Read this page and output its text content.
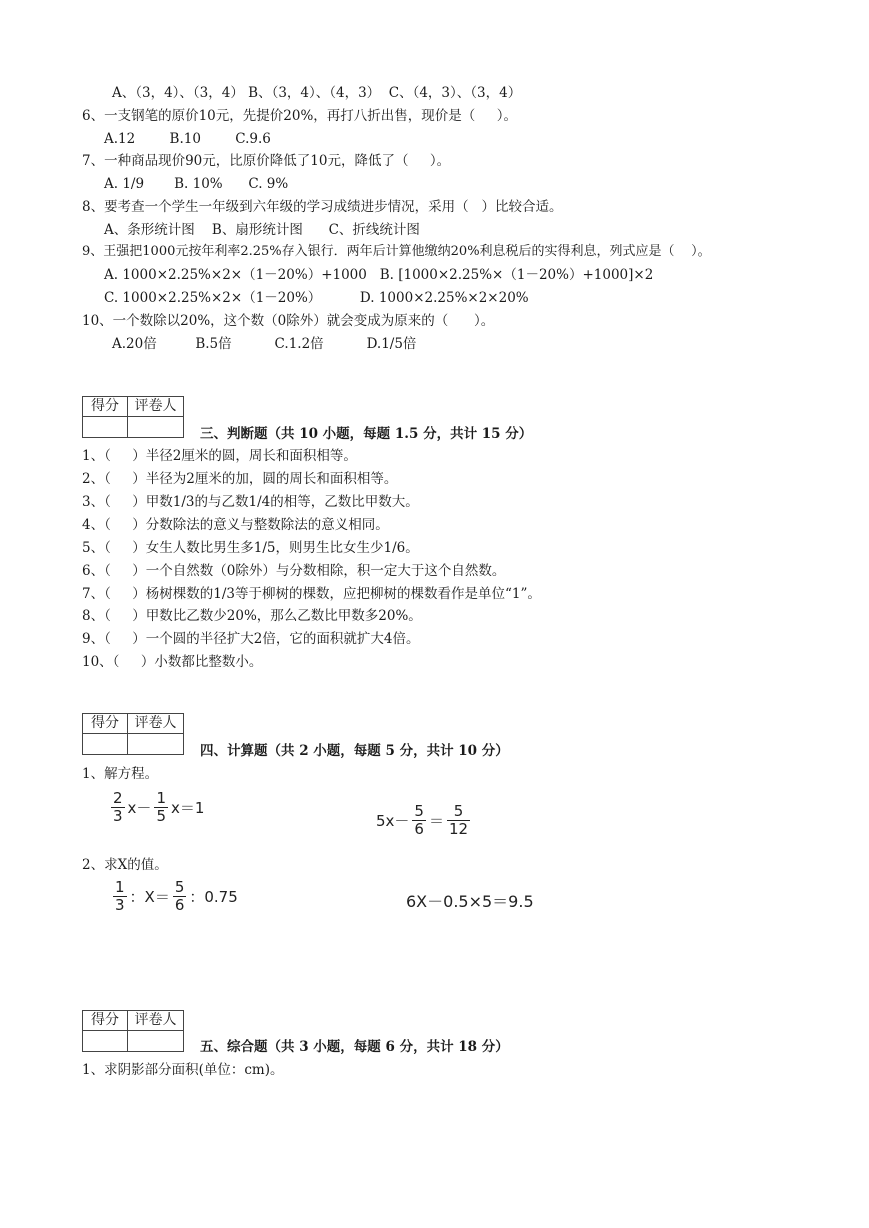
A、（3，4）、（3，4） B、（3，4）、（4，3）  C、（4，3）、（3，4）
6、一支钢笔的原价10元，先提价20%，再打八折出售，现价是（     ）。
A.12        B.10        C.9.6
7、一种商品现价90元，比原价降低了10元，降低了（     ）。
A. 1/9       B. 10%      C. 9%
8、要考查一个学生一年级到六年级的学习成绩进步情况，采用（   ）比较合适。
A、条形统计图    B、扇形统计图      C、折线统计图
9、王强把1000元按年利率2.25%存入银行．两年后计算他缴纳20%利息税后的实得利息，列式应是（    ）。
A. 1000×2.25%×2×（1－20%）+1000   B. [1000×2.25%×（1－20%）+1000]×2
C. 1000×2.25%×2×（1－20%）         D. 1000×2.25%×2×20%
10、一个数除以20%，这个数（0除外）就会变成为原来的（      ）。
A.20倍         B.5倍          C.1.2倍          D.1/5倍
得分	评卷人
三、判断题（共 10 小题，每题 1.5 分，共计 15 分）
1、（     ）半径2厘米的圆，周长和面积相等。
2、（     ）半径为2厘米的加，圆的周长和面积相等。
3、（     ）甲数1/3的与乙数1/4的相等，乙数比甲数大。
4、（     ）分数除法的意义与整数除法的意义相同。
5、（     ）女生人数比男生多1/5，则男生比女生少1/6。
6、（     ）一个自然数（0除外）与分数相除，积一定大于这个自然数。
7、（     ）杨树棵数的1/3等于柳树的棵数，应把柳树的棵数看作是单位“1”。
8、（     ）甲数比乙数少20%，那么乙数比甲数多20%。
9、（     ）一个圆的半径扩大2倍，它的面积就扩大4倍。
10、（     ）小数都比整数小。
得分	评卷人
四、计算题（共 2 小题，每题 5 分，共计 10 分）
1、解方程。
$\frac{2}{3} x- \frac{1}{5} x=1$
$5x- \frac{5}{6} = \frac{5}{12}$
2、求X的值。
$\frac{1}{3}$ ：$X= \frac{5}{6}$ ：0.75	6X－0.5×5＝9.5
得分	评卷人
五、综合题（共 3 小题，每题 6 分，共计 18 分）
1、求阴影部分面积(单位：cm)。
